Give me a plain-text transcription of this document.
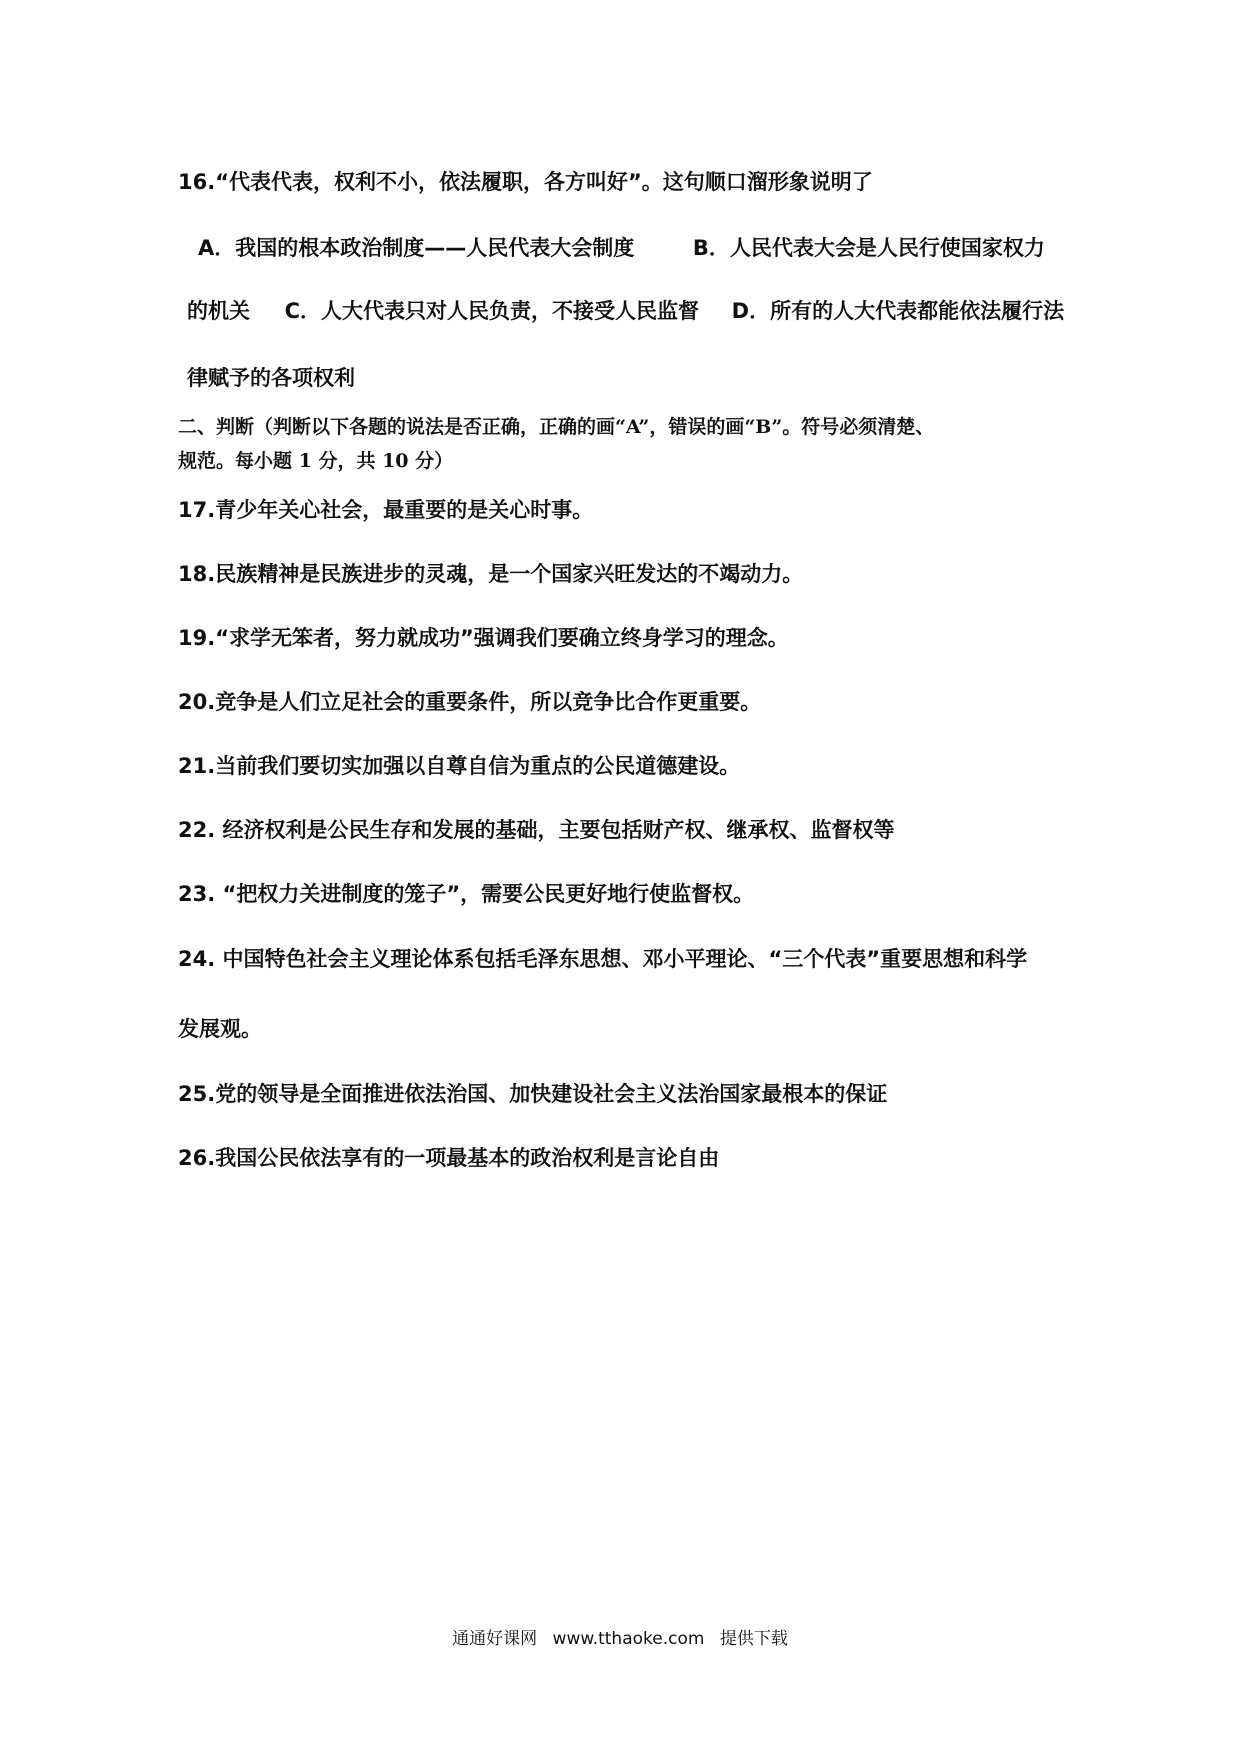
16.“代表代表，权利不小，依法履职，各方叫好”。这句顺口溜形象说明了
A．我国的根本政治制度——人民代表大会制度	B．人民代表大会是人民行使国家权力
的机关 C．人大代表只对人民负责，不接受人民监督 D．所有的人大代表都能依法履行法
律赋予的各项权利
二、判断（判断以下各题的说法是否正确，正确的画“A”，错误的画“B”。符号必须清楚、
规范。每小题 1 分，共 10 分）
17.青少年关心社会，最重要的是关心时事。
18.民族精神是民族进步的灵魂，是一个国家兴旺发达的不竭动力。
19.“求学无笨者，努力就成功”强调我们要确立终身学习的理念。
20.竞争是人们立足社会的重要条件，所以竞争比合作更重要。
21.当前我们要切实加强以自尊自信为重点的公民道德建设。
22. 经济权利是公民生存和发展的基础，主要包括财产权、继承权、监督权等
23. “把权力关进制度的笼子”，需要公民更好地行使监督权。
24. 中国特色社会主义理论体系包括毛泽东思想、邓小平理论、“三个代表”重要思想和科学
发展观。
25.党的领导是全面推进依法治国、加快建设社会主义法治国家最根本的保证
26.我国公民依法享有的一项最基本的政治权利是言论自由
通通好课网 www.tthaoke.com 提供下载
